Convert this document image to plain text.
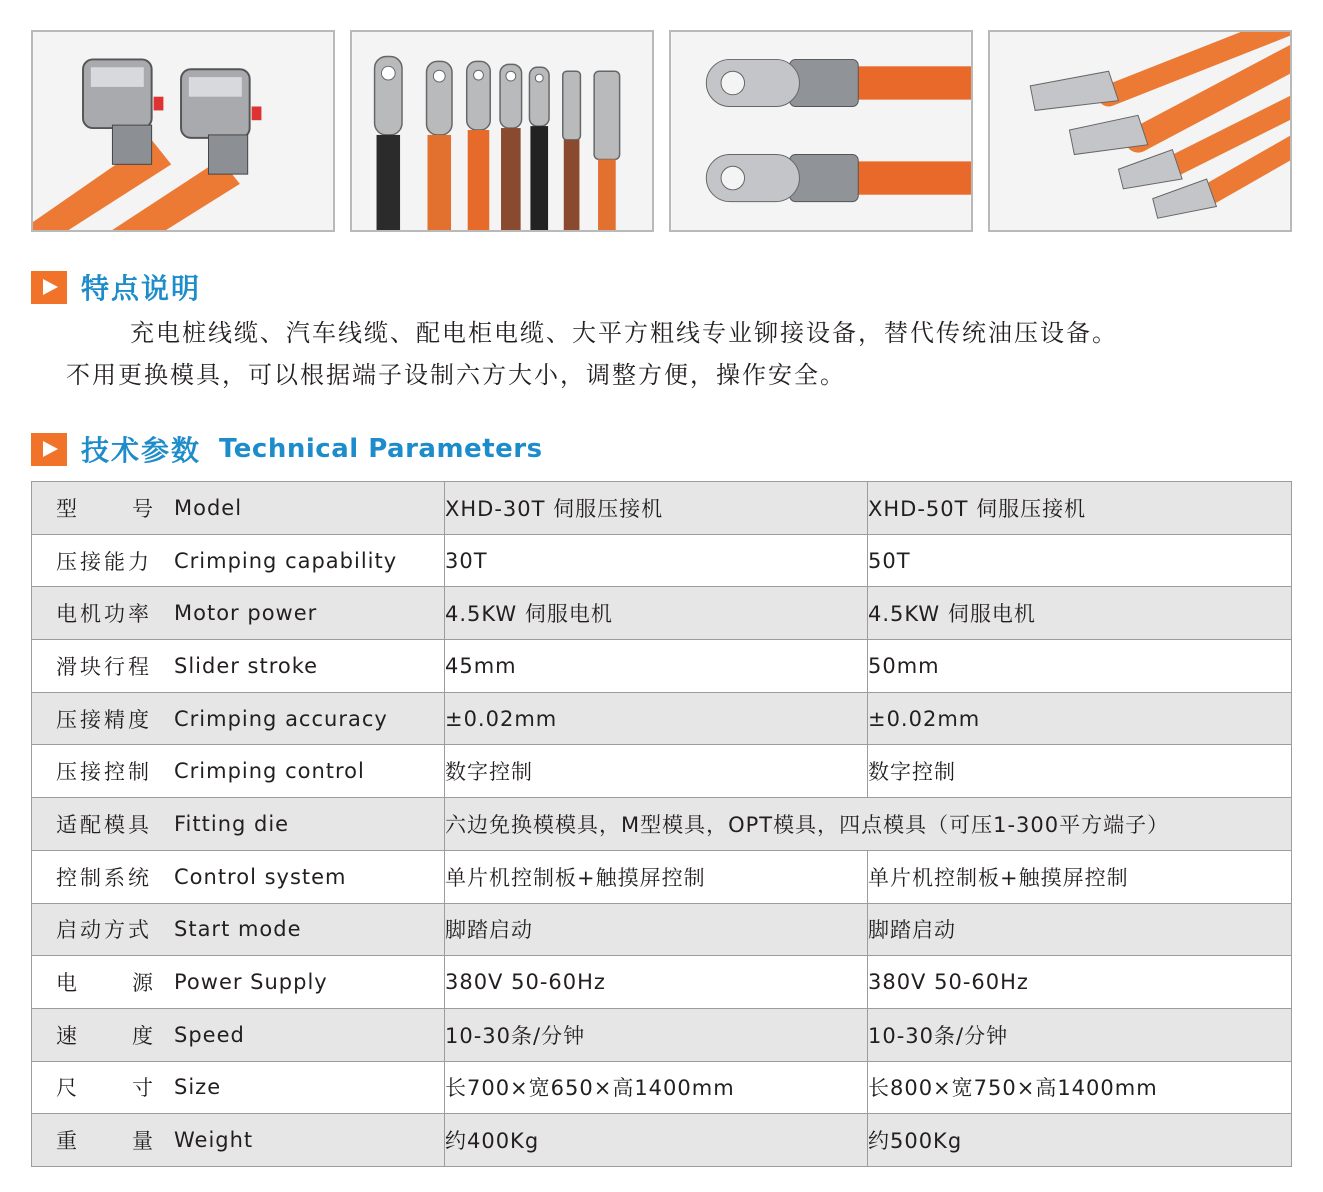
特点说明

充电桩线缆、汽车线缆、配电柜电缆、大平方粗线专业铆接设备，替代传统油压设备。

不用更换模具，可以根据端子设制六方大小，调整方便，操作安全。

技术参数 Technical Parameters
型 号 Model	XHD-30T 伺服压接机	XHD-50T 伺服压接机

压接能力 Crimping capability	30T	50T

电机功率 Motor power	4.5KW 伺服电机	4.5KW 伺服电机

滑块行程 Slider stroke	45mm	50mm

压接精度 Crimping accuracy	±0.02mm	±0.02mm

压接控制 Crimping control	数字控制	数字控制

适配模具 Fitting die	六边免换模模具，M型模具，OPT模具，四点模具（可压1-300平方端子）	

控制系统 Control system	单片机控制板+触摸屏控制	单片机控制板+触摸屏控制

启动方式 Start mode	脚踏启动	脚踏启动

电 源 Power Supply	380V 50-60Hz	380V 50-60Hz

速 度 Speed	10-30条/分钟	10-30条/分钟

尺 寸 Size	长700×宽650×高1400mm	长800×宽750×高1400mm

重 量 Weight	约400Kg	约500Kg
